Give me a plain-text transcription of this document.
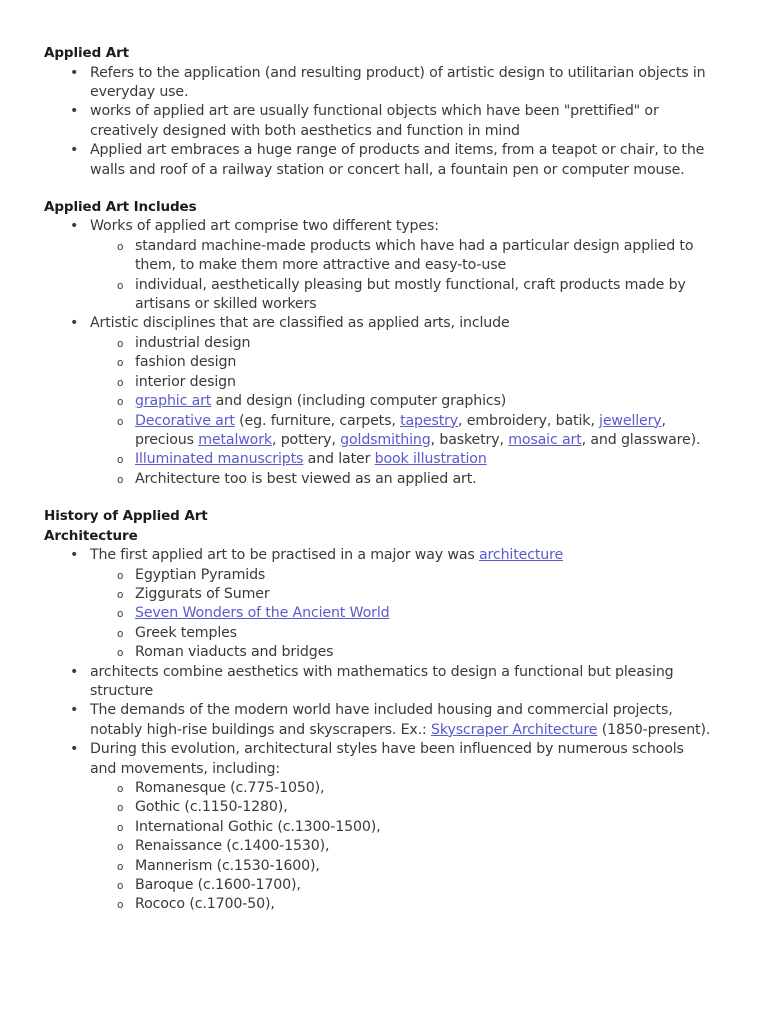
Applied Art
• Refers to the application (and resulting product) of artistic design to utilitarian objects in everyday use.
• works of applied art are usually functional objects which have been "prettified" or creatively designed with both aesthetics and function in mind
• Applied art embraces a huge range of products and items, from a teapot or chair, to the walls and roof of a railway station or concert hall, a fountain pen or computer mouse.
Applied Art Includes
• Works of applied art comprise two different types:
o standard machine-made products which have had a particular design applied to them, to make them more attractive and easy-to-use
o individual, aesthetically pleasing but mostly functional, craft products made by artisans or skilled workers
• Artistic disciplines that are classified as applied arts, include
o industrial design
o fashion design
o interior design
o graphic art and design (including computer graphics)
o Decorative art (eg. furniture, carpets, tapestry, embroidery, batik, jewellery, precious metalwork, pottery, goldsmithing, basketry, mosaic art, and glassware).
o Illuminated manuscripts and later book illustration
o Architecture too is best viewed as an applied art.
History of Applied Art
Architecture
• The first applied art to be practised in a major way was architecture
o Egyptian Pyramids
o Ziggurats of Sumer
o Seven Wonders of the Ancient World
o Greek temples
o Roman viaducts and bridges
• architects combine aesthetics with mathematics to design a functional but pleasing structure
• The demands of the modern world have included housing and commercial projects, notably high-rise buildings and skyscrapers. Ex.: Skyscraper Architecture (1850-present).
• During this evolution, architectural styles have been influenced by numerous schools and movements, including:
o Romanesque (c.775-1050),
o Gothic (c.1150-1280),
o International Gothic (c.1300-1500),
o Renaissance (c.1400-1530),
o Mannerism (c.1530-1600),
o Baroque (c.1600-1700),
o Rococo (c.1700-50),
